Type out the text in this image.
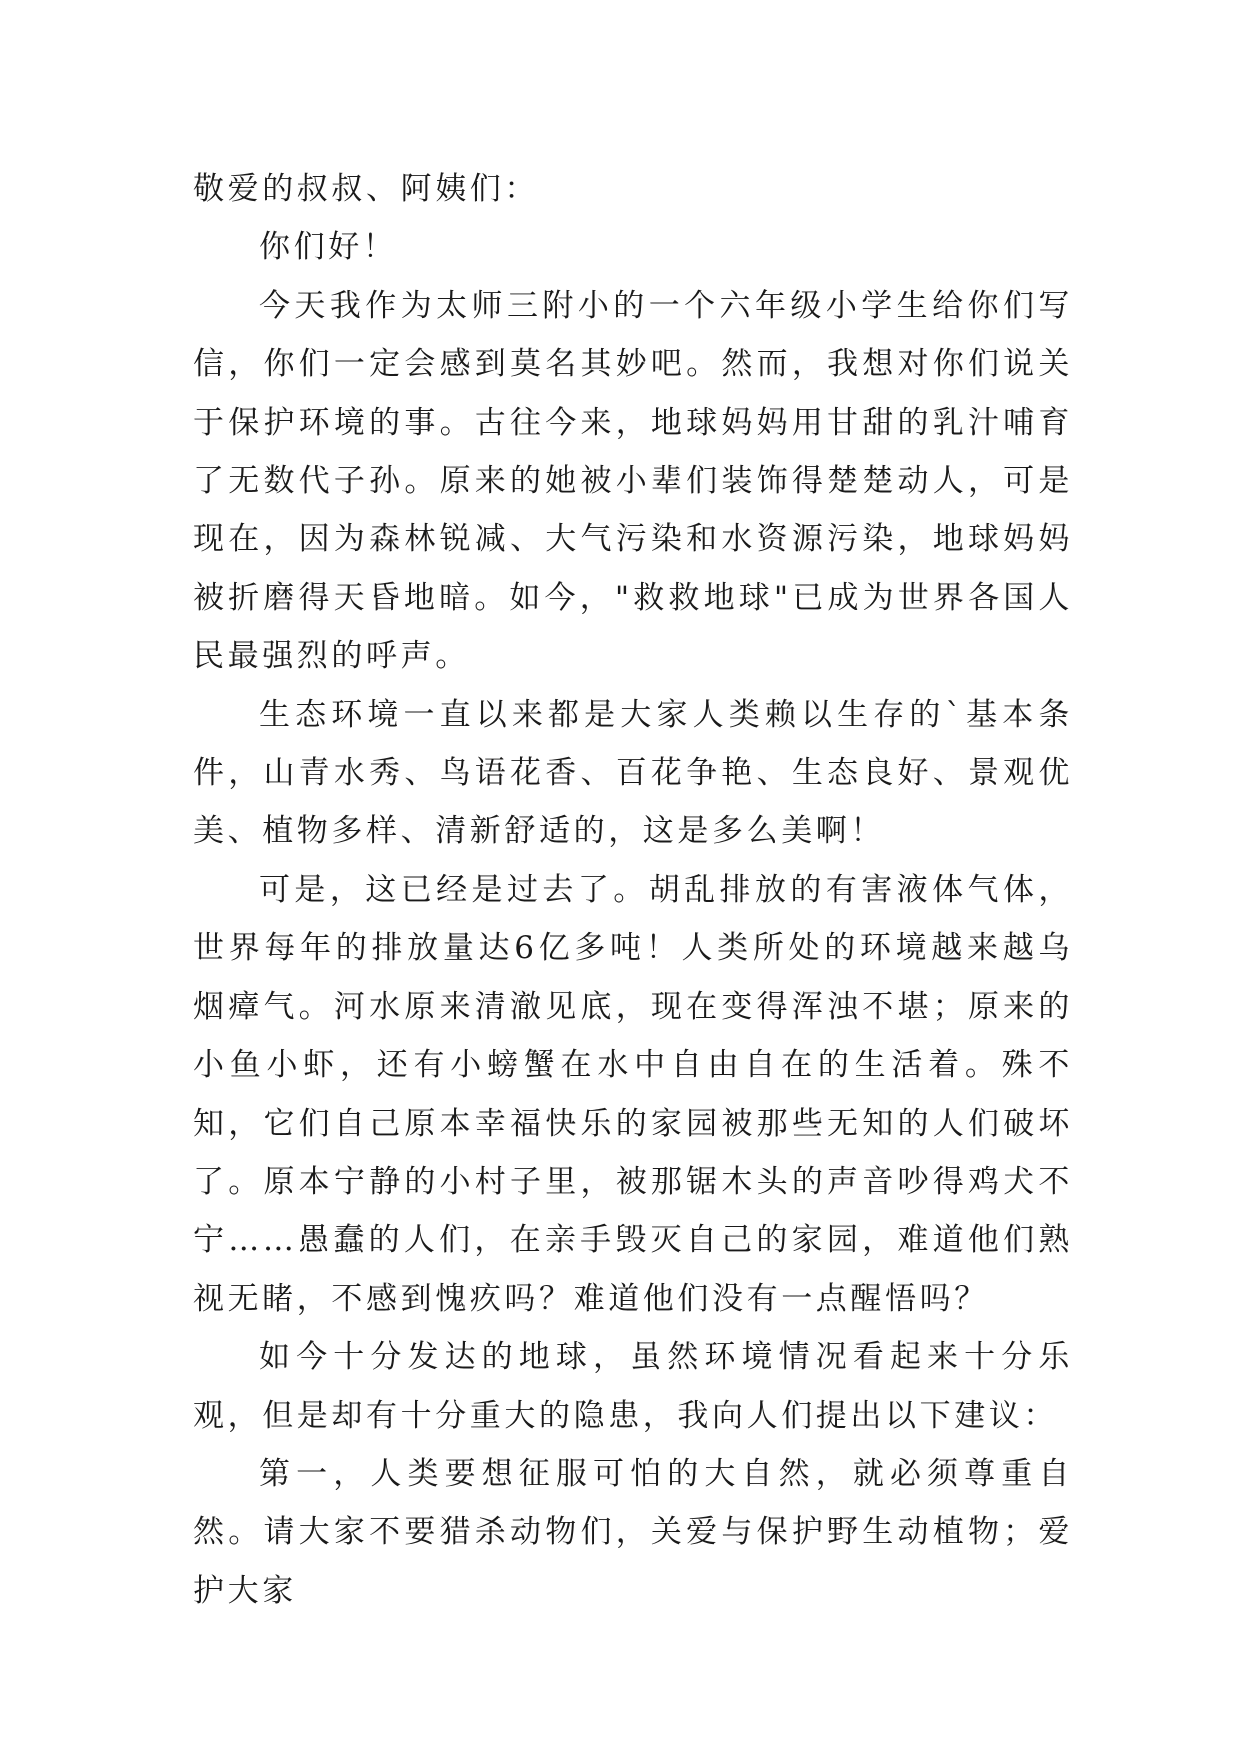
敬爱的叔叔、阿姨们：

你们好！

今天我作为太师三附小的一个六年级小学生给你们写信，你们一定会感到莫名其妙吧。然而，我想对你们说关于保护环境的事。古往今来，地球妈妈用甘甜的乳汁哺育了无数代子孙。原来的她被小辈们装饰得楚楚动人，可是现在，因为森林锐减、大气污染和水资源污染，地球妈妈被折磨得天昏地暗。如今，"救救地球"已成为世界各国人民最强烈的呼声。

生态环境一直以来都是大家人类赖以生存的`基本条件，山青水秀、鸟语花香、百花争艳、生态良好、景观优美、植物多样、清新舒适的，这是多么美啊！

可是，这已经是过去了。胡乱排放的有害液体气体，世界每年的排放量达6亿多吨！人类所处的环境越来越乌烟瘴气。河水原来清澈见底，现在变得浑浊不堪；原来的小鱼小虾，还有小螃蟹在水中自由自在的生活着。殊不知，它们自己原本幸福快乐的家园被那些无知的人们破坏了。原本宁静的小村子里，被那锯木头的声音吵得鸡犬不宁……愚蠢的人们，在亲手毁灭自己的家园，难道他们熟视无睹，不感到愧疚吗？难道他们没有一点醒悟吗？

如今十分发达的地球，虽然环境情况看起来十分乐观，但是却有十分重大的隐患，我向人们提出以下建议：

第一，人类要想征服可怕的大自然，就必须尊重自然。请大家不要猎杀动物们，关爱与保护野生动植物；爱护大家
